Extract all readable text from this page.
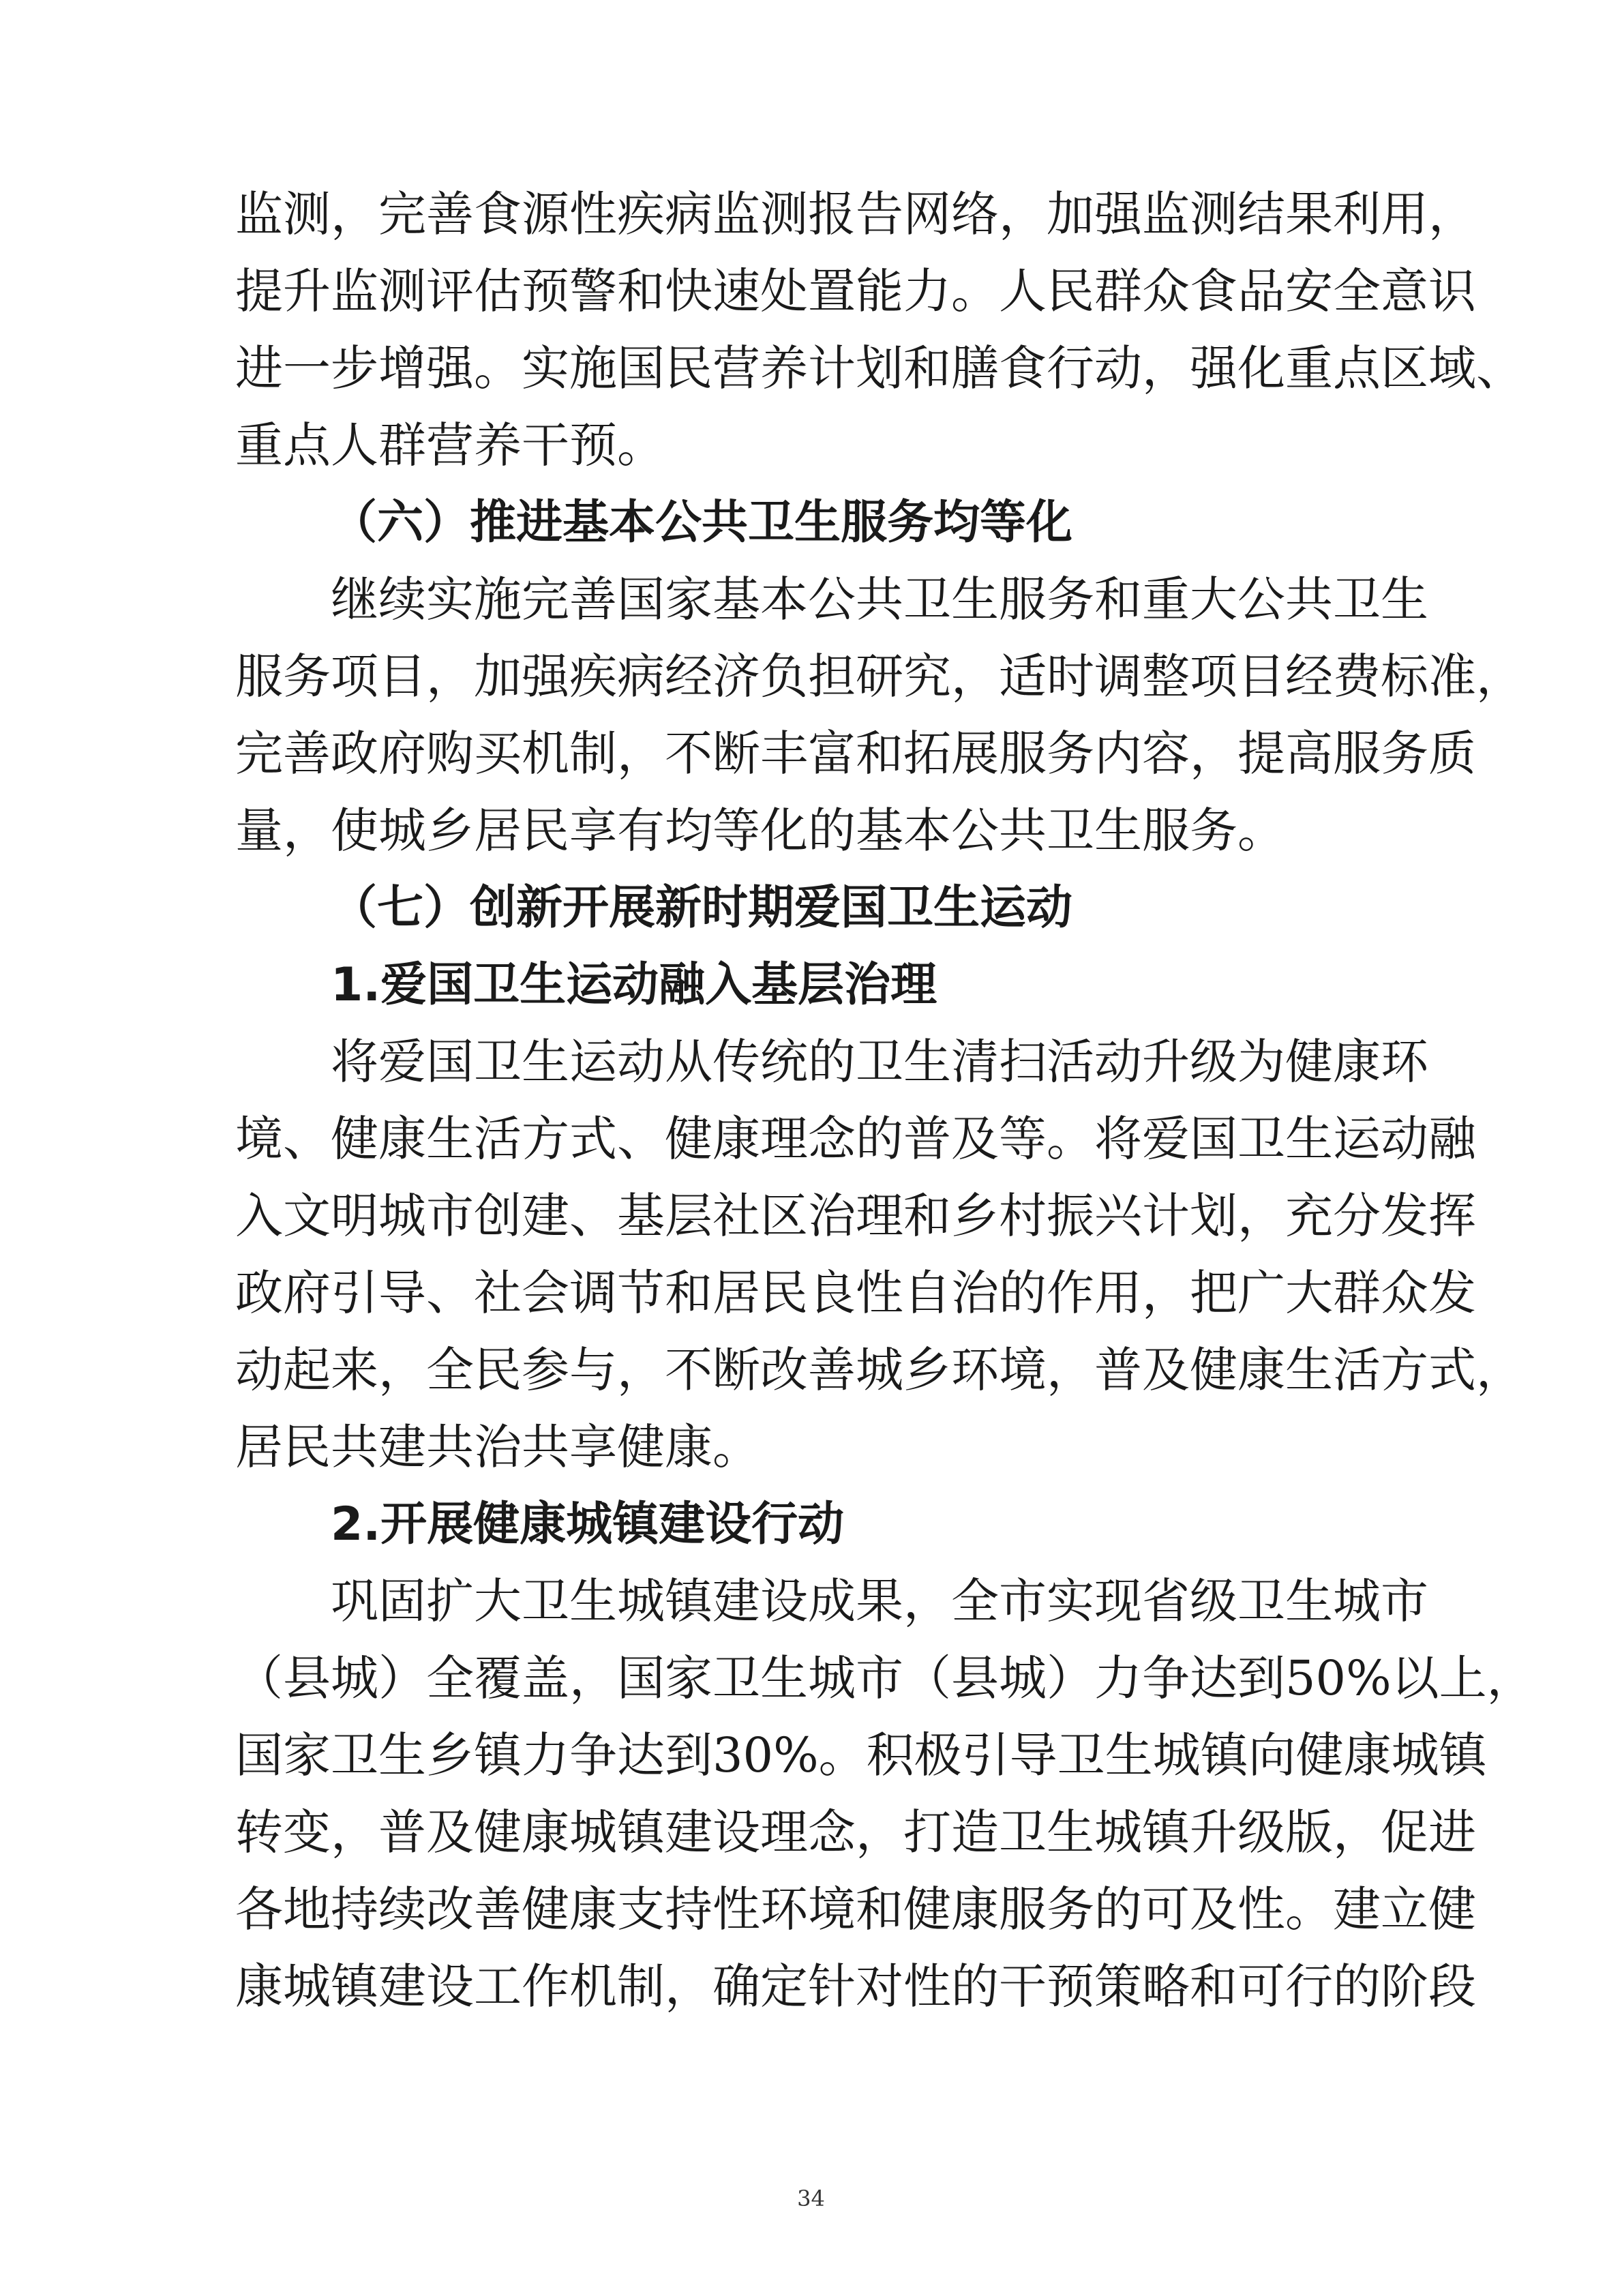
监测，完善食源性疾病监测报告网络，加强监测结果利用，
提升监测评估预警和快速处置能力。人民群众食品安全意识
进一步增强。实施国民营养计划和膳食行动，强化重点区域、
重点人群营养干预。
（六）推进基本公共卫生服务均等化
继续实施完善国家基本公共卫生服务和重大公共卫生
服务项目，加强疾病经济负担研究，适时调整项目经费标准，
完善政府购买机制，不断丰富和拓展服务内容，提高服务质
量，使城乡居民享有均等化的基本公共卫生服务。
（七）创新开展新时期爱国卫生运动
1.爱国卫生运动融入基层治理
将爱国卫生运动从传统的卫生清扫活动升级为健康环
境、健康生活方式、健康理念的普及等。将爱国卫生运动融
入文明城市创建、基层社区治理和乡村振兴计划，充分发挥
政府引导、社会调节和居民良性自治的作用，把广大群众发
动起来，全民参与，不断改善城乡环境，普及健康生活方式，
居民共建共治共享健康。
2.开展健康城镇建设行动
巩固扩大卫生城镇建设成果，全市实现省级卫生城市
（县城）全覆盖，国家卫生城市（县城）力争达到50%以上，
国家卫生乡镇力争达到30%。积极引导卫生城镇向健康城镇
转变，普及健康城镇建设理念，打造卫生城镇升级版，促进
各地持续改善健康支持性环境和健康服务的可及性。建立健
康城镇建设工作机制，确定针对性的干预策略和可行的阶段
34
